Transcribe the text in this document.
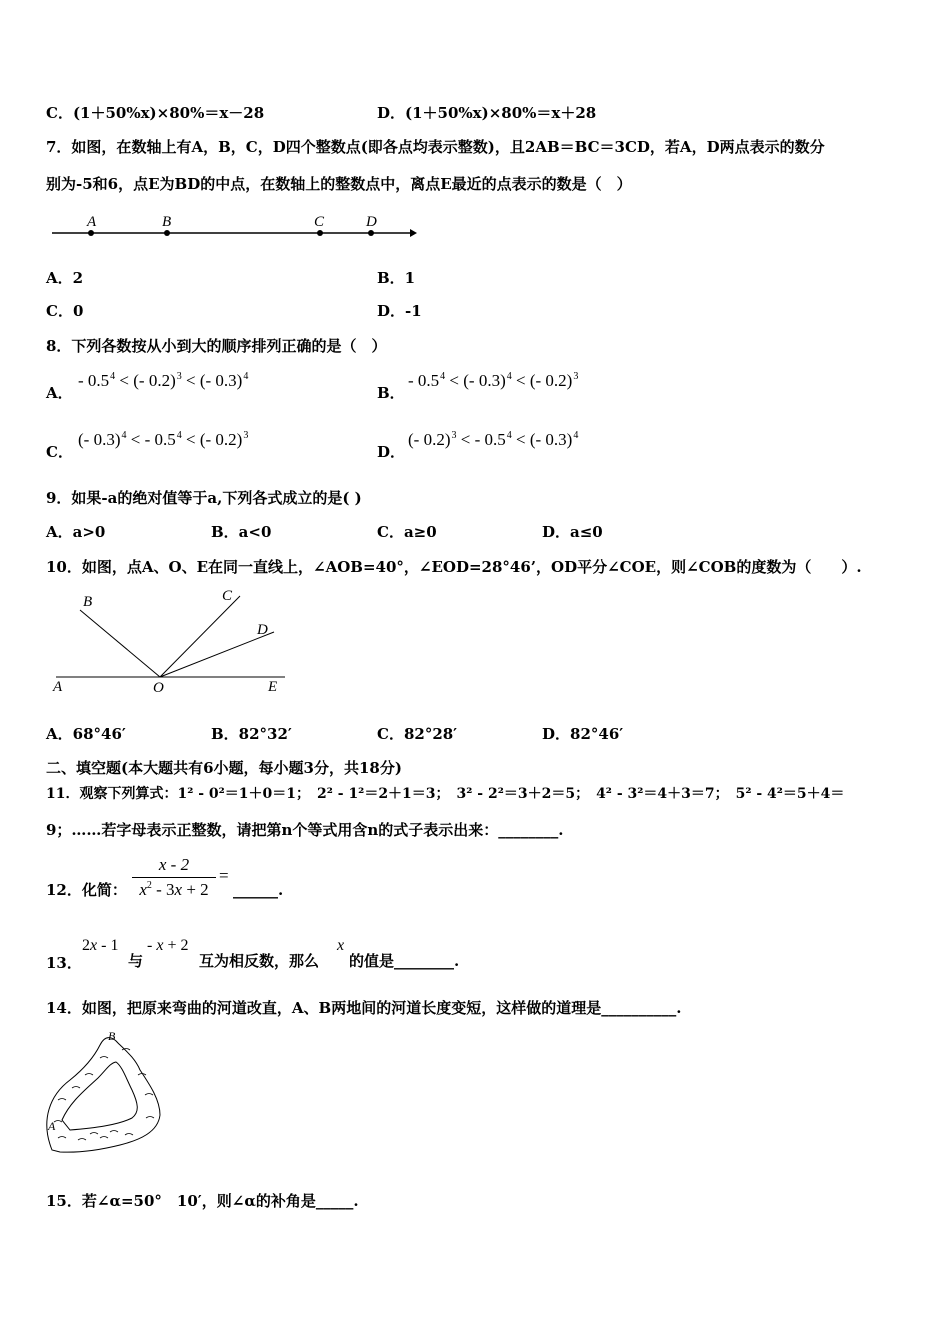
C．(1＋50%x)×80%＝x－28	D．(1＋50%x)×80%＝x＋28
7．如图，在数轴上有A，B，C，D四个整数点(即各点均表示整数)，且2AB＝BC＝3CD，若A，D两点表示的数分
别为-5和6，点E为BD的中点，在数轴上的整数点中，离点E最近的点表示的数是（　）
A	B	C	D
A．2	B．1
C．0	D．-1
8．下列各数按从小到大的顺序排列正确的是（　）
A．
- $0.5^4$ < (- 0.2)$^3$ < (- 0.3)$^4$
B．
- $0.5^4$ < (- 0.3)$^4$ < (- 0.2)$^3$
C．
(- 0.3)$^4$ < - $0.5^4$ < (- 0.2)$^3$
D．
(- 0.2)$^3$ < - $0.5^4$ < (- 0.3)$^4$
9．如果-a的绝对值等于a,下列各式成立的是( )
A．a>0	B．a<0	C．a≥0	D．a≤0
10．如图，点A、O、E在同一直线上，∠AOB=40°，∠EOD=28°46’，OD平分∠COE，则∠COB的度数为（　　）.
A	O	E
B	C
D
A．68°46′	B．82°32′	C．82°28′	D．82°46′
二、填空题(本大题共有6小题，每小题3分，共18分)
11．观察下列算式：1² - 0²＝1＋0＝1；　2² - 1²＝2＋1＝3；　3² - 2²＝3＋2＝5；　4² - 3²＝4＋3＝7；　5² - 4²＝5＋4＝
9；……若字母表示正整数，请把第n个等式用含n的式子表示出来：________.
12．化简：
x - 2
$x^2 - 3x + 2$
=
______.
13．
2x - 1
与
- x + 2
互为相反数，那么
x
的值是________.
14．如图，把原来弯曲的河道改直，A、B两地间的河道长度变短，这样做的道理是__________.
B
A
15．若∠α=50°　10′，则∠α的补角是_____.
